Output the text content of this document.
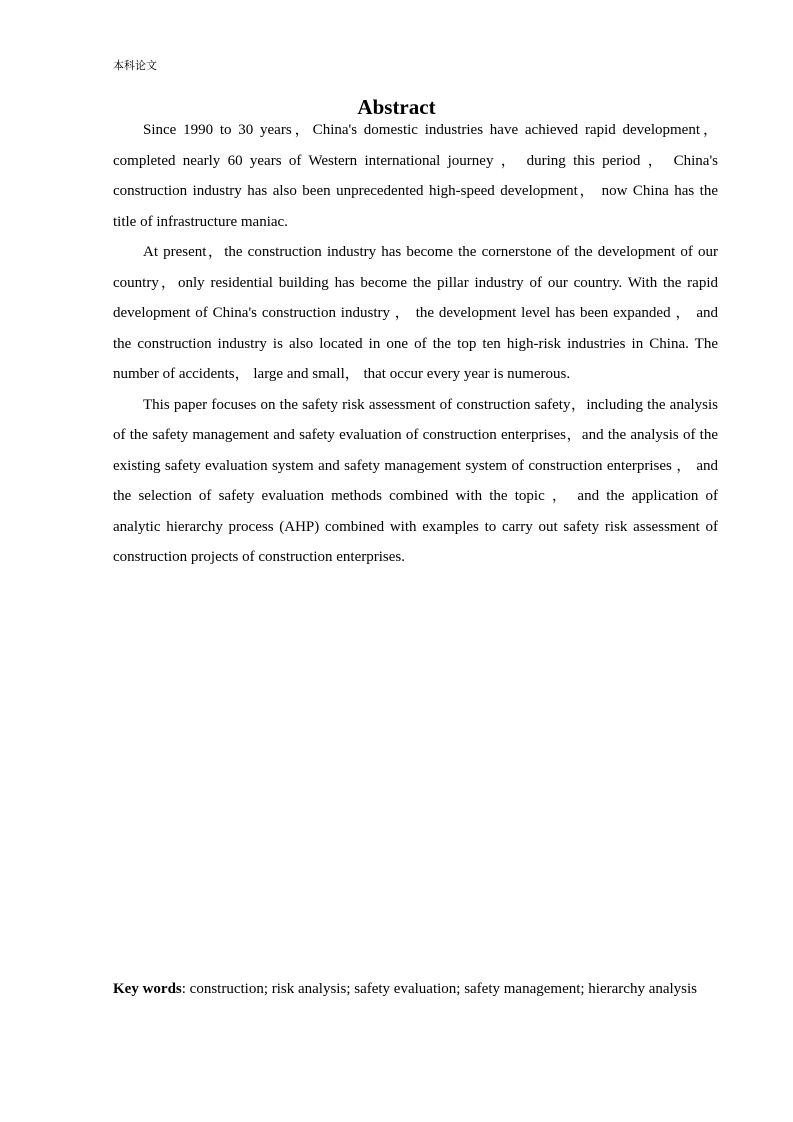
本科论文

Abstract

Since 1990 to 30 years，China's domestic industries have achieved rapid development，completed nearly 60 years of Western international journey ， during this period ， China's construction industry has also been unprecedented high-speed development， now China has the title of infrastructure maniac.

At present，the construction industry has become the cornerstone of the development of our country，only residential building has become the pillar industry of our country. With the rapid development of China's construction industry ， the development level has been expanded ， and the construction industry is also located in one of the top ten high-risk industries in China. The number of accidents， large and small， that occur every year is numerous.

This paper focuses on the safety risk assessment of construction safety，including the analysis of the safety management and safety evaluation of construction enterprises，and the analysis of the existing safety evaluation system and safety management system of construction enterprises ， and the selection of safety evaluation methods combined with the topic ， and the application of analytic hierarchy process (AHP) combined with examples to carry out safety risk assessment of construction projects of construction enterprises.

Key words: construction; risk analysis; safety evaluation; safety management; hierarchy analysis
